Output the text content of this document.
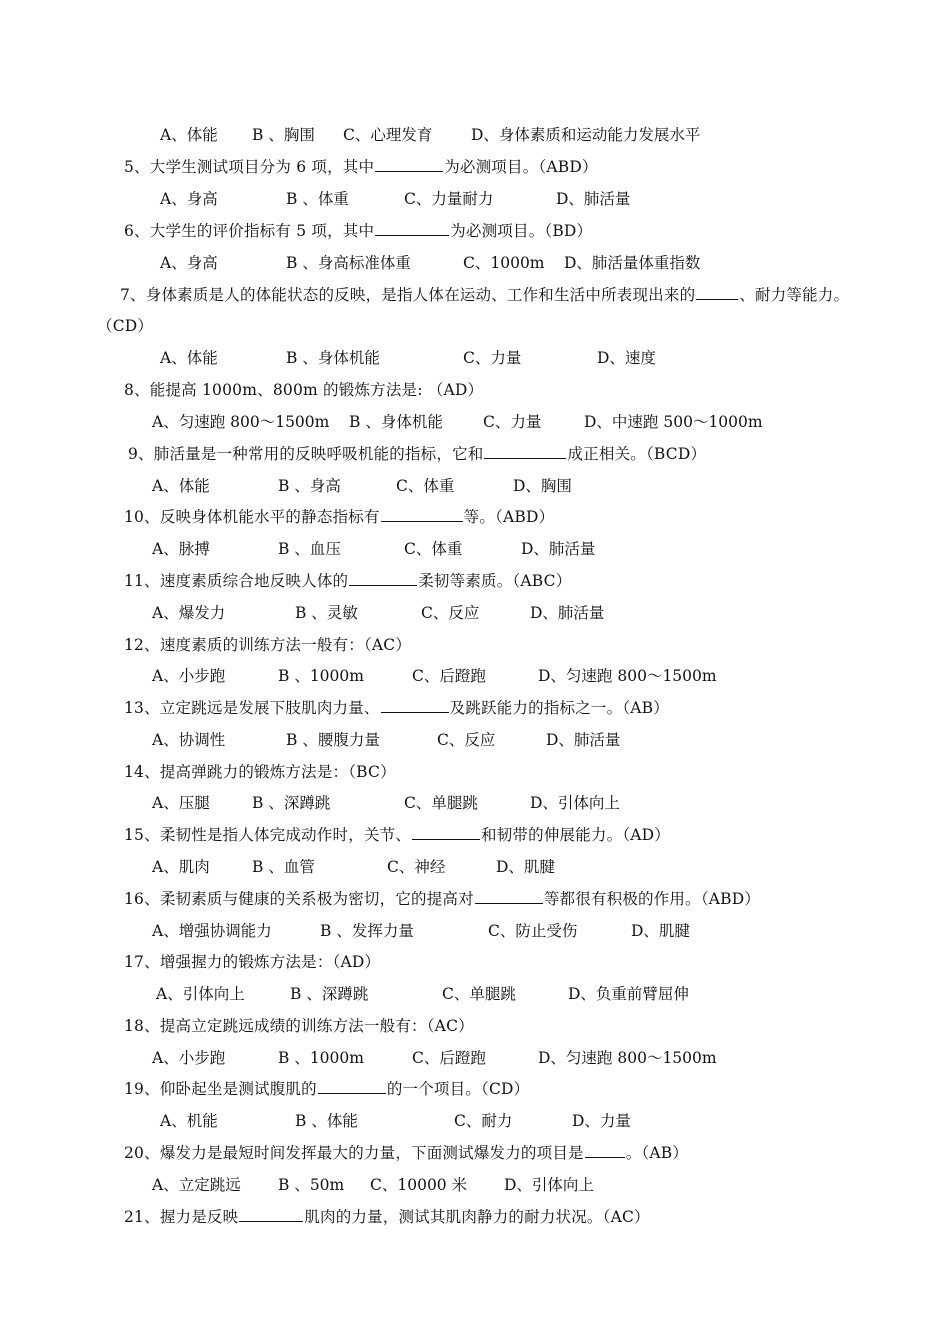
A、体能 B 、胸围 C、心理发育 D、身体素质和运动能力发展水平
5、大学生测试项目分为 6 项，其中	为必测项目。（ABD）
A、身高	B 、体重	C、力量耐力	D、肺活量
6、大学生的评价指标有 5 项，其中	为必测项目。（BD）
A、身高	B 、身高标准体重	C、1000m D、肺活量体重指数
7、身体素质是人的体能状态的反映，是指人体在运动、工作和生活中所表现出来的	、耐力等能力。
（CD）
A、体能	B 、身体机能	C、力量	D、速度
8、能提高 1000m、800m 的锻炼方法是: （AD）
A、匀速跑 800～1500m B 、身体机能	C、力量	D、中速跑 500～1000m
9、肺活量是一种常用的反映呼吸机能的指标，它和	成正相关。（BCD）
A、体能	B 、身高	C、体重	D、胸围
10、反映身体机能水平的静态指标有	等。（ABD）
A、脉搏	B 、血压	C、体重	D、肺活量
11、速度素质综合地反映人体的	柔韧等素质。（ABC）
A、爆发力	B 、灵敏	C、反应	D、肺活量
12、速度素质的训练方法一般有：（AC）
A、小步跑	B 、1000m	C、后蹬跑	D、匀速跑 800～1500m
13、立定跳远是发展下肢肌肉力量、	及跳跃能力的指标之一。（AB）
A、协调性	B 、腰腹力量	C、反应	D、肺活量
14、提高弹跳力的锻炼方法是：（BC）
A、压腿	B 、深蹲跳	C、单腿跳	D、引体向上
15、柔韧性是指人体完成动作时，关节、	和韧带的伸展能力。（AD）
A、肌肉	B 、血管	C、神经	D、肌腱
16、柔韧素质与健康的关系极为密切，它的提高对	等都很有积极的作用。（ABD）
A、增强协调能力	B 、发挥力量	C、防止受伤	D、肌腱
17、增强握力的锻炼方法是：（AD）
A、引体向上	B 、深蹲跳	C、单腿跳	D、负重前臂屈伸
18、提高立定跳远成绩的训练方法一般有：（AC）
A、小步跑	B 、1000m	C、后蹬跑	D、匀速跑 800～1500m
19、仰卧起坐是测试腹肌的	的一个项目。（CD）
A、机能	B 、体能	C、耐力	D、力量
20、爆发力是最短时间发挥最大的力量，下面测试爆发力的项目是	。（AB）
A、立定跳远 B 、50m C、10000 米 D、引体向上
21、握力是反映	肌肉的力量，测试其肌肉静力的耐力状况。（AC）
